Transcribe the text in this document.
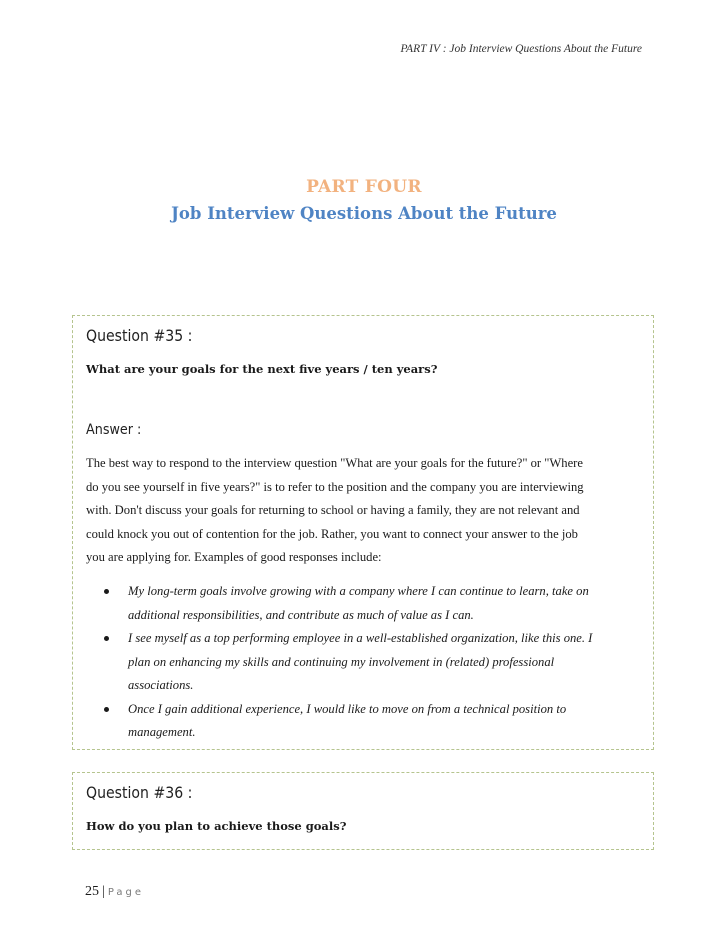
PART IV : Job Interview Questions About the Future
PART FOUR
Job Interview Questions About the Future
Question #35 :
What are your goals for the next five years / ten years?
Answer :
The best way to respond to the interview question "What are your goals for the future?" or "Where
do you see yourself in five years?" is to refer to the position and the company you are interviewing
with. Don't discuss your goals for returning to school or having a family, they are not relevant and
could knock you out of contention for the job. Rather, you want to connect your answer to the job
you are applying for. Examples of good responses include:
My long-term goals involve growing with a company where I can continue to learn, take on
additional responsibilities, and contribute as much of value as I can.
I see myself as a top performing employee in a well-established organization, like this one. I
plan on enhancing my skills and continuing my involvement in (related) professional
associations.
Once I gain additional experience, I would like to move on from a technical position to
management.
Question #36 :
How do you plan to achieve those goals?
25 | Page
